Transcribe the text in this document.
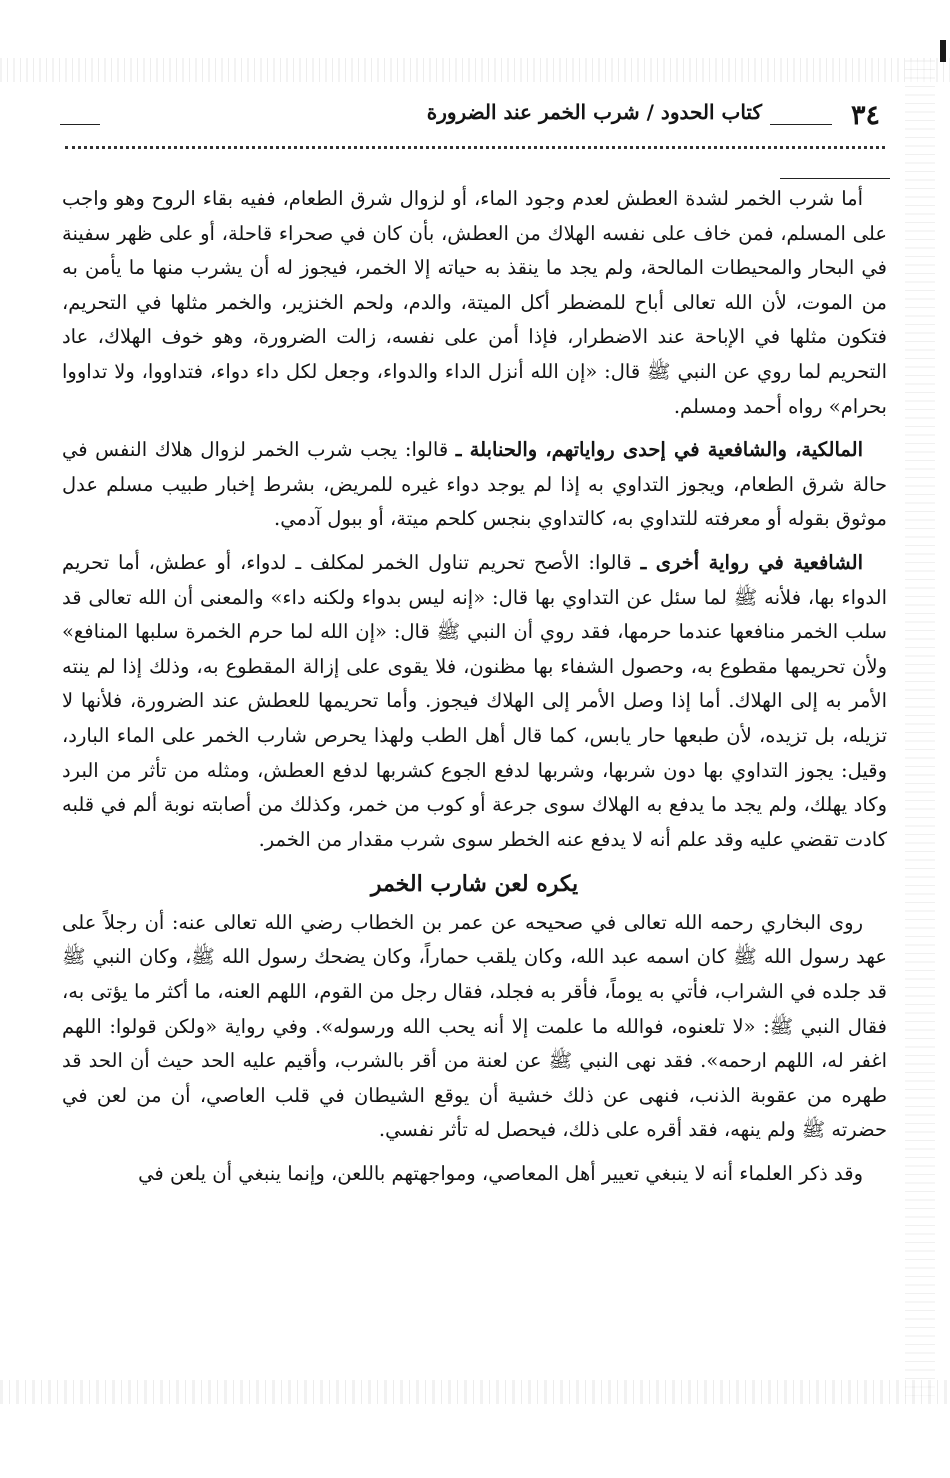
٣٤
كتاب الحدود / شرب الخمر عند الضرورة

أما شرب الخمر لشدة العطش لعدم وجود الماء، أو لزوال شرق الطعام، ففيه بقاء الروح وهو واجب على المسلم، فمن خاف على نفسه الهلاك من العطش، بأن كان في صحراء قاحلة، أو على ظهر سفينة في البحار والمحيطات المالحة، ولم يجد ما ينقذ به حياته إلا الخمر، فيجوز له أن يشرب منها ما يأمن به من الموت، لأن الله تعالى أباح للمضطر أكل الميتة، والدم، ولحم الخنزير، والخمر مثلها في التحريم، فتكون مثلها في الإباحة عند الاضطرار، فإذا أمن على نفسه، زالت الضرورة، وهو خوف الهلاك، عاد التحريم لما روي عن النبي ﷺ قال: «إن الله أنزل الداء والدواء، وجعل لكل داء دواء، فتداووا، ولا تداووا بحرام» رواه أحمد ومسلم.

المالكية، والشافعية في إحدى رواياتهم، والحنابلة ـ قالوا: يجب شرب الخمر لزوال هلاك النفس في حالة شرق الطعام، ويجوز التداوي به إذا لم يوجد دواء غيره للمريض، بشرط إخبار طبيب مسلم عدل موثوق بقوله أو معرفته للتداوي به، كالتداوي بنجس كلحم ميتة، أو ببول آدمي.

الشافعية في رواية أخرى ـ قالوا: الأصح تحريم تناول الخمر لمكلف ـ لدواء، أو عطش، أما تحريم الدواء بها، فلأنه ﷺ لما سئل عن التداوي بها قال: «إنه ليس بدواء ولكنه داء» والمعنى أن الله تعالى قد سلب الخمر منافعها عندما حرمها، فقد روي أن النبي ﷺ قال: «إن الله لما حرم الخمرة سلبها المنافع» ولأن تحريمها مقطوع به، وحصول الشفاء بها مظنون، فلا يقوى على إزالة المقطوع به، وذلك إذا لم ينته الأمر به إلى الهلاك. أما إذا وصل الأمر إلى الهلاك فيجوز. وأما تحريمها للعطش عند الضرورة، فلأنها لا تزيله، بل تزيده، لأن طبعها حار يابس، كما قال أهل الطب ولهذا يحرص شارب الخمر على الماء البارد، وقيل: يجوز التداوي بها دون شربها، وشربها لدفع الجوع كشربها لدفع العطش، ومثله من تأثر من البرد وكاد يهلك، ولم يجد ما يدفع به الهلاك سوى جرعة أو كوب من خمر، وكذلك من أصابته نوبة ألم في قلبه كادت تقضي عليه وقد علم أنه لا يدفع عنه الخطر سوى شرب مقدار من الخمر.

يكره لعن شارب الخمر

روى البخاري رحمه الله تعالى في صحيحه عن عمر بن الخطاب رضي الله تعالى عنه: أن رجلاً على عهد رسول الله ﷺ كان اسمه عبد الله، وكان يلقب حماراً، وكان يضحك رسول الله ﷺ، وكان النبي ﷺ قد جلده في الشراب، فأتي به يوماً، فأقر به فجلد، فقال رجل من القوم، اللهم العنه، ما أكثر ما يؤتى به، فقال النبي ﷺ: «لا تلعنوه، فوالله ما علمت إلا أنه يحب الله ورسوله». وفي رواية «ولكن قولوا: اللهم اغفر له، اللهم ارحمه». فقد نهى النبي ﷺ عن لعنة من أقر بالشرب، وأقيم عليه الحد حيث أن الحد قد طهره من عقوبة الذنب، فنهى عن ذلك خشية أن يوقع الشيطان في قلب العاصي، أن من لعن في حضرته ﷺ ولم ينهه، فقد أقره على ذلك، فيحصل له تأثر نفسي.

وقد ذكر العلماء أنه لا ينبغي تعيير أهل المعاصي، ومواجهتهم باللعن، وإنما ينبغي أن يلعن في
